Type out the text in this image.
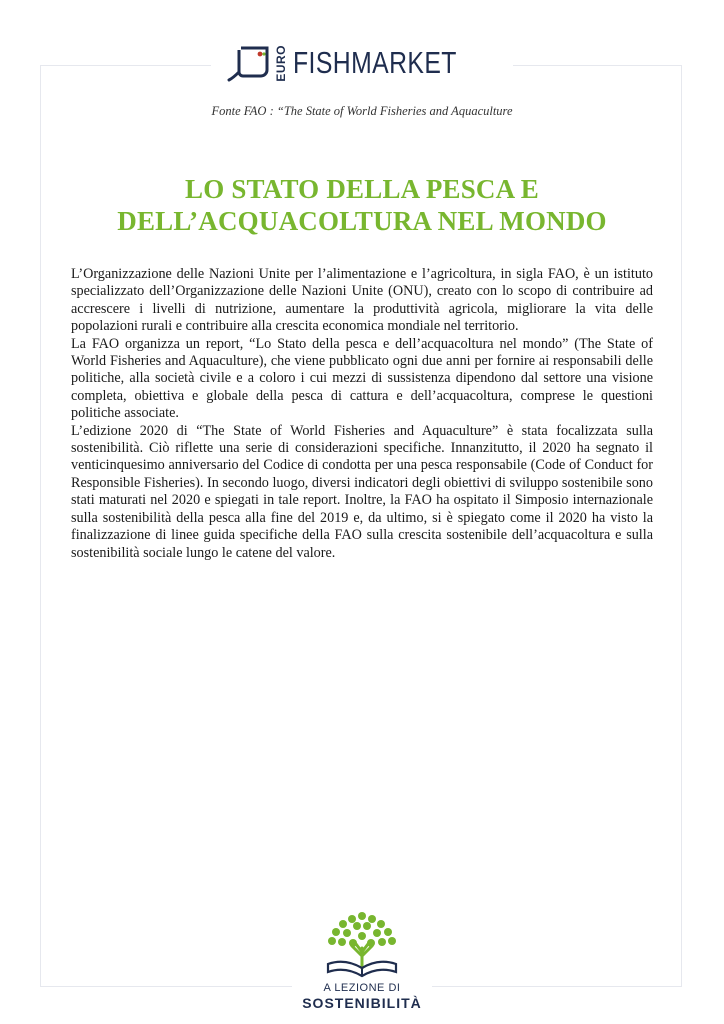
EURO FISHMARKET
Fonte FAO : “The State of World Fisheries and Aquaculture
LO STATO DELLA PESCA E DELL’ACQUACOLTURA NEL MONDO

L’Organizzazione delle Nazioni Unite per l’alimentazione e l’agricoltura, in sigla FAO, è un istituto specializzato dell’Organizzazione delle Nazioni Unite (ONU), creato con lo scopo di contribuire ad accrescere i livelli di nutrizione, aumentare la produttività agricola, migliorare la vita delle popolazioni rurali e contribuire alla crescita economica mondiale nel territorio.

La FAO organizza un report, “Lo Stato della pesca e dell’acquacoltura nel mondo” (The State of World Fisheries and Aquaculture), che viene pubblicato ogni due anni per fornire ai responsabili delle politiche, alla società civile e a coloro i cui mezzi di sussistenza dipendono dal settore una visione completa, obiettiva e globale della pesca di cattura e dell’acquacoltura, comprese le questioni politiche associate.

L’edizione 2020 di “The State of World Fisheries and Aquaculture” è stata focalizzata sulla sostenibilità. Ciò riflette una serie di considerazioni specifiche. Innanzitutto, il 2020 ha segnato il venticinquesimo anniversario del Codice di condotta per una pesca responsabile (Code of Conduct for Responsible Fisheries). In secondo luogo, diversi indicatori degli obiettivi di sviluppo sostenibile sono stati maturati nel 2020 e spiegati in tale report. Inoltre, la FAO ha ospitato il Simposio internazionale sulla sostenibilità della pesca alla fine del 2019 e, da ultimo, si è spiegato come il 2020 ha visto la finalizzazione di linee guida specifiche della FAO sulla crescita sostenibile dell’acquacoltura e sulla sostenibilità sociale lungo le catene del valore.

A LEZIONE DI
SOSTENIBILITÀ
